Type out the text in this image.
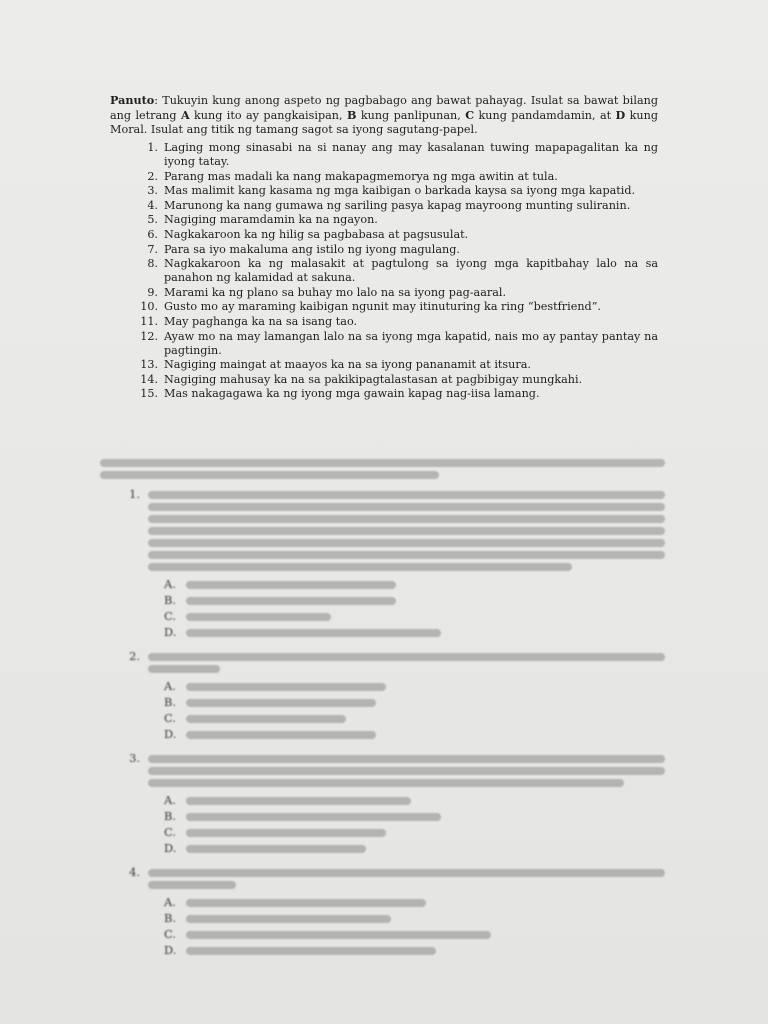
Panuto: Tukuyin kung anong aspeto ng pagbabago ang bawat pahayag. Isulat sa bawat bilang ang letrang A kung ito ay pangkaisipan, B kung panlipunan, C kung pandamdamin, at D kung Moral. Isulat ang titik ng tamang sagot sa iyong sagutang-papel.

1. Laging mong sinasabi na si nanay ang may kasalanan tuwing mapapagalitan ka ng iyong tatay.
2. Parang mas madali ka nang makapagmemorya ng mga awitin at tula.
3. Mas malimit kang kasama ng mga kaibigan o barkada kaysa sa iyong mga kapatid.
4. Marunong ka nang gumawa ng sariling pasya kapag mayroong munting suliranin.
5. Nagiging maramdamin ka na ngayon.
6. Nagkakaroon ka ng hilig sa pagbabasa at pagsusulat.
7. Para sa iyo makaluma ang istilo ng iyong magulang.
8. Nagkakaroon ka ng malasakit at pagtulong sa iyong mga kapitbahay lalo na sa panahon ng kalamidad at sakuna.
9. Marami ka ng plano sa buhay mo lalo na sa iyong pag-aaral.
10. Gusto mo ay maraming kaibigan ngunit may itinuturing ka ring “bestfriend”.
11. May paghanga ka na sa isang tao.
12. Ayaw mo na may lamangan lalo na sa iyong mga kapatid, nais mo ay pantay pantay na pagtingin.
13. Nagiging maingat at maayos ka na sa iyong pananamit at itsura.
14. Nagiging mahusay ka na sa pakikipagtalastasan at pagbibigay mungkahi.
15. Mas nakagagawa ka ng iyong mga gawain kapag nag-iisa lamang.
1.
A.
B.
C.
D.
2.
A.
B.
C.
D.
3.
A.
B.
C.
D.
4.
A.
B.
C.
D.
